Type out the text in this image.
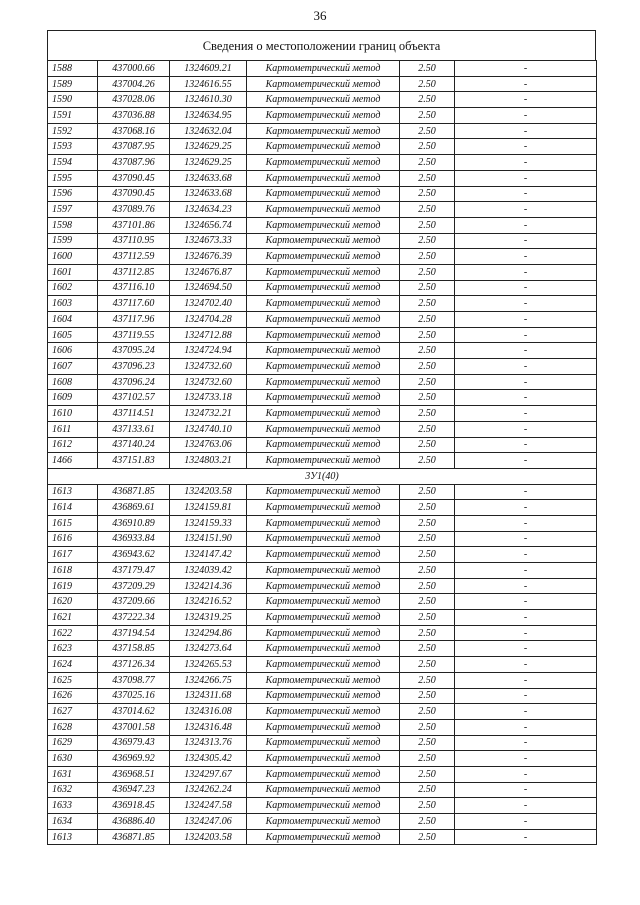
36
Сведения о местоположении границ объекта
1588	437000.66	1324609.21	Картометрический метод	2.50	-
1589	437004.26	1324616.55	Картометрический метод	2.50	-
1590	437028.06	1324610.30	Картометрический метод	2.50	-
1591	437036.88	1324634.95	Картометрический метод	2.50	-
1592	437068.16	1324632.04	Картометрический метод	2.50	-
1593	437087.95	1324629.25	Картометрический метод	2.50	-
1594	437087.96	1324629.25	Картометрический метод	2.50	-
1595	437090.45	1324633.68	Картометрический метод	2.50	-
1596	437090.45	1324633.68	Картометрический метод	2.50	-
1597	437089.76	1324634.23	Картометрический метод	2.50	-
1598	437101.86	1324656.74	Картометрический метод	2.50	-
1599	437110.95	1324673.33	Картометрический метод	2.50	-
1600	437112.59	1324676.39	Картометрический метод	2.50	-
1601	437112.85	1324676.87	Картометрический метод	2.50	-
1602	437116.10	1324694.50	Картометрический метод	2.50	-
1603	437117.60	1324702.40	Картометрический метод	2.50	-
1604	437117.96	1324704.28	Картометрический метод	2.50	-
1605	437119.55	1324712.88	Картометрический метод	2.50	-
1606	437095.24	1324724.94	Картометрический метод	2.50	-
1607	437096.23	1324732.60	Картометрический метод	2.50	-
1608	437096.24	1324732.60	Картометрический метод	2.50	-
1609	437102.57	1324733.18	Картометрический метод	2.50	-
1610	437114.51	1324732.21	Картометрический метод	2.50	-
1611	437133.61	1324740.10	Картометрический метод	2.50	-
1612	437140.24	1324763.06	Картометрический метод	2.50	-
1466	437151.83	1324803.21	Картометрический метод	2.50	-
3У1(40)					
1613	436871.85	1324203.58	Картометрический метод	2.50	-
1614	436869.61	1324159.81	Картометрический метод	2.50	-
1615	436910.89	1324159.33	Картометрический метод	2.50	-
1616	436933.84	1324151.90	Картометрический метод	2.50	-
1617	436943.62	1324147.42	Картометрический метод	2.50	-
1618	437179.47	1324039.42	Картометрический метод	2.50	-
1619	437209.29	1324214.36	Картометрический метод	2.50	-
1620	437209.66	1324216.52	Картометрический метод	2.50	-
1621	437222.34	1324319.25	Картометрический метод	2.50	-
1622	437194.54	1324294.86	Картометрический метод	2.50	-
1623	437158.85	1324273.64	Картометрический метод	2.50	-
1624	437126.34	1324265.53	Картометрический метод	2.50	-
1625	437098.77	1324266.75	Картометрический метод	2.50	-
1626	437025.16	1324311.68	Картометрический метод	2.50	-
1627	437014.62	1324316.08	Картометрический метод	2.50	-
1628	437001.58	1324316.48	Картометрический метод	2.50	-
1629	436979.43	1324313.76	Картометрический метод	2.50	-
1630	436969.92	1324305.42	Картометрический метод	2.50	-
1631	436968.51	1324297.67	Картометрический метод	2.50	-
1632	436947.23	1324262.24	Картометрический метод	2.50	-
1633	436918.45	1324247.58	Картометрический метод	2.50	-
1634	436886.40	1324247.06	Картометрический метод	2.50	-
1613	436871.85	1324203.58	Картометрический метод	2.50	-
